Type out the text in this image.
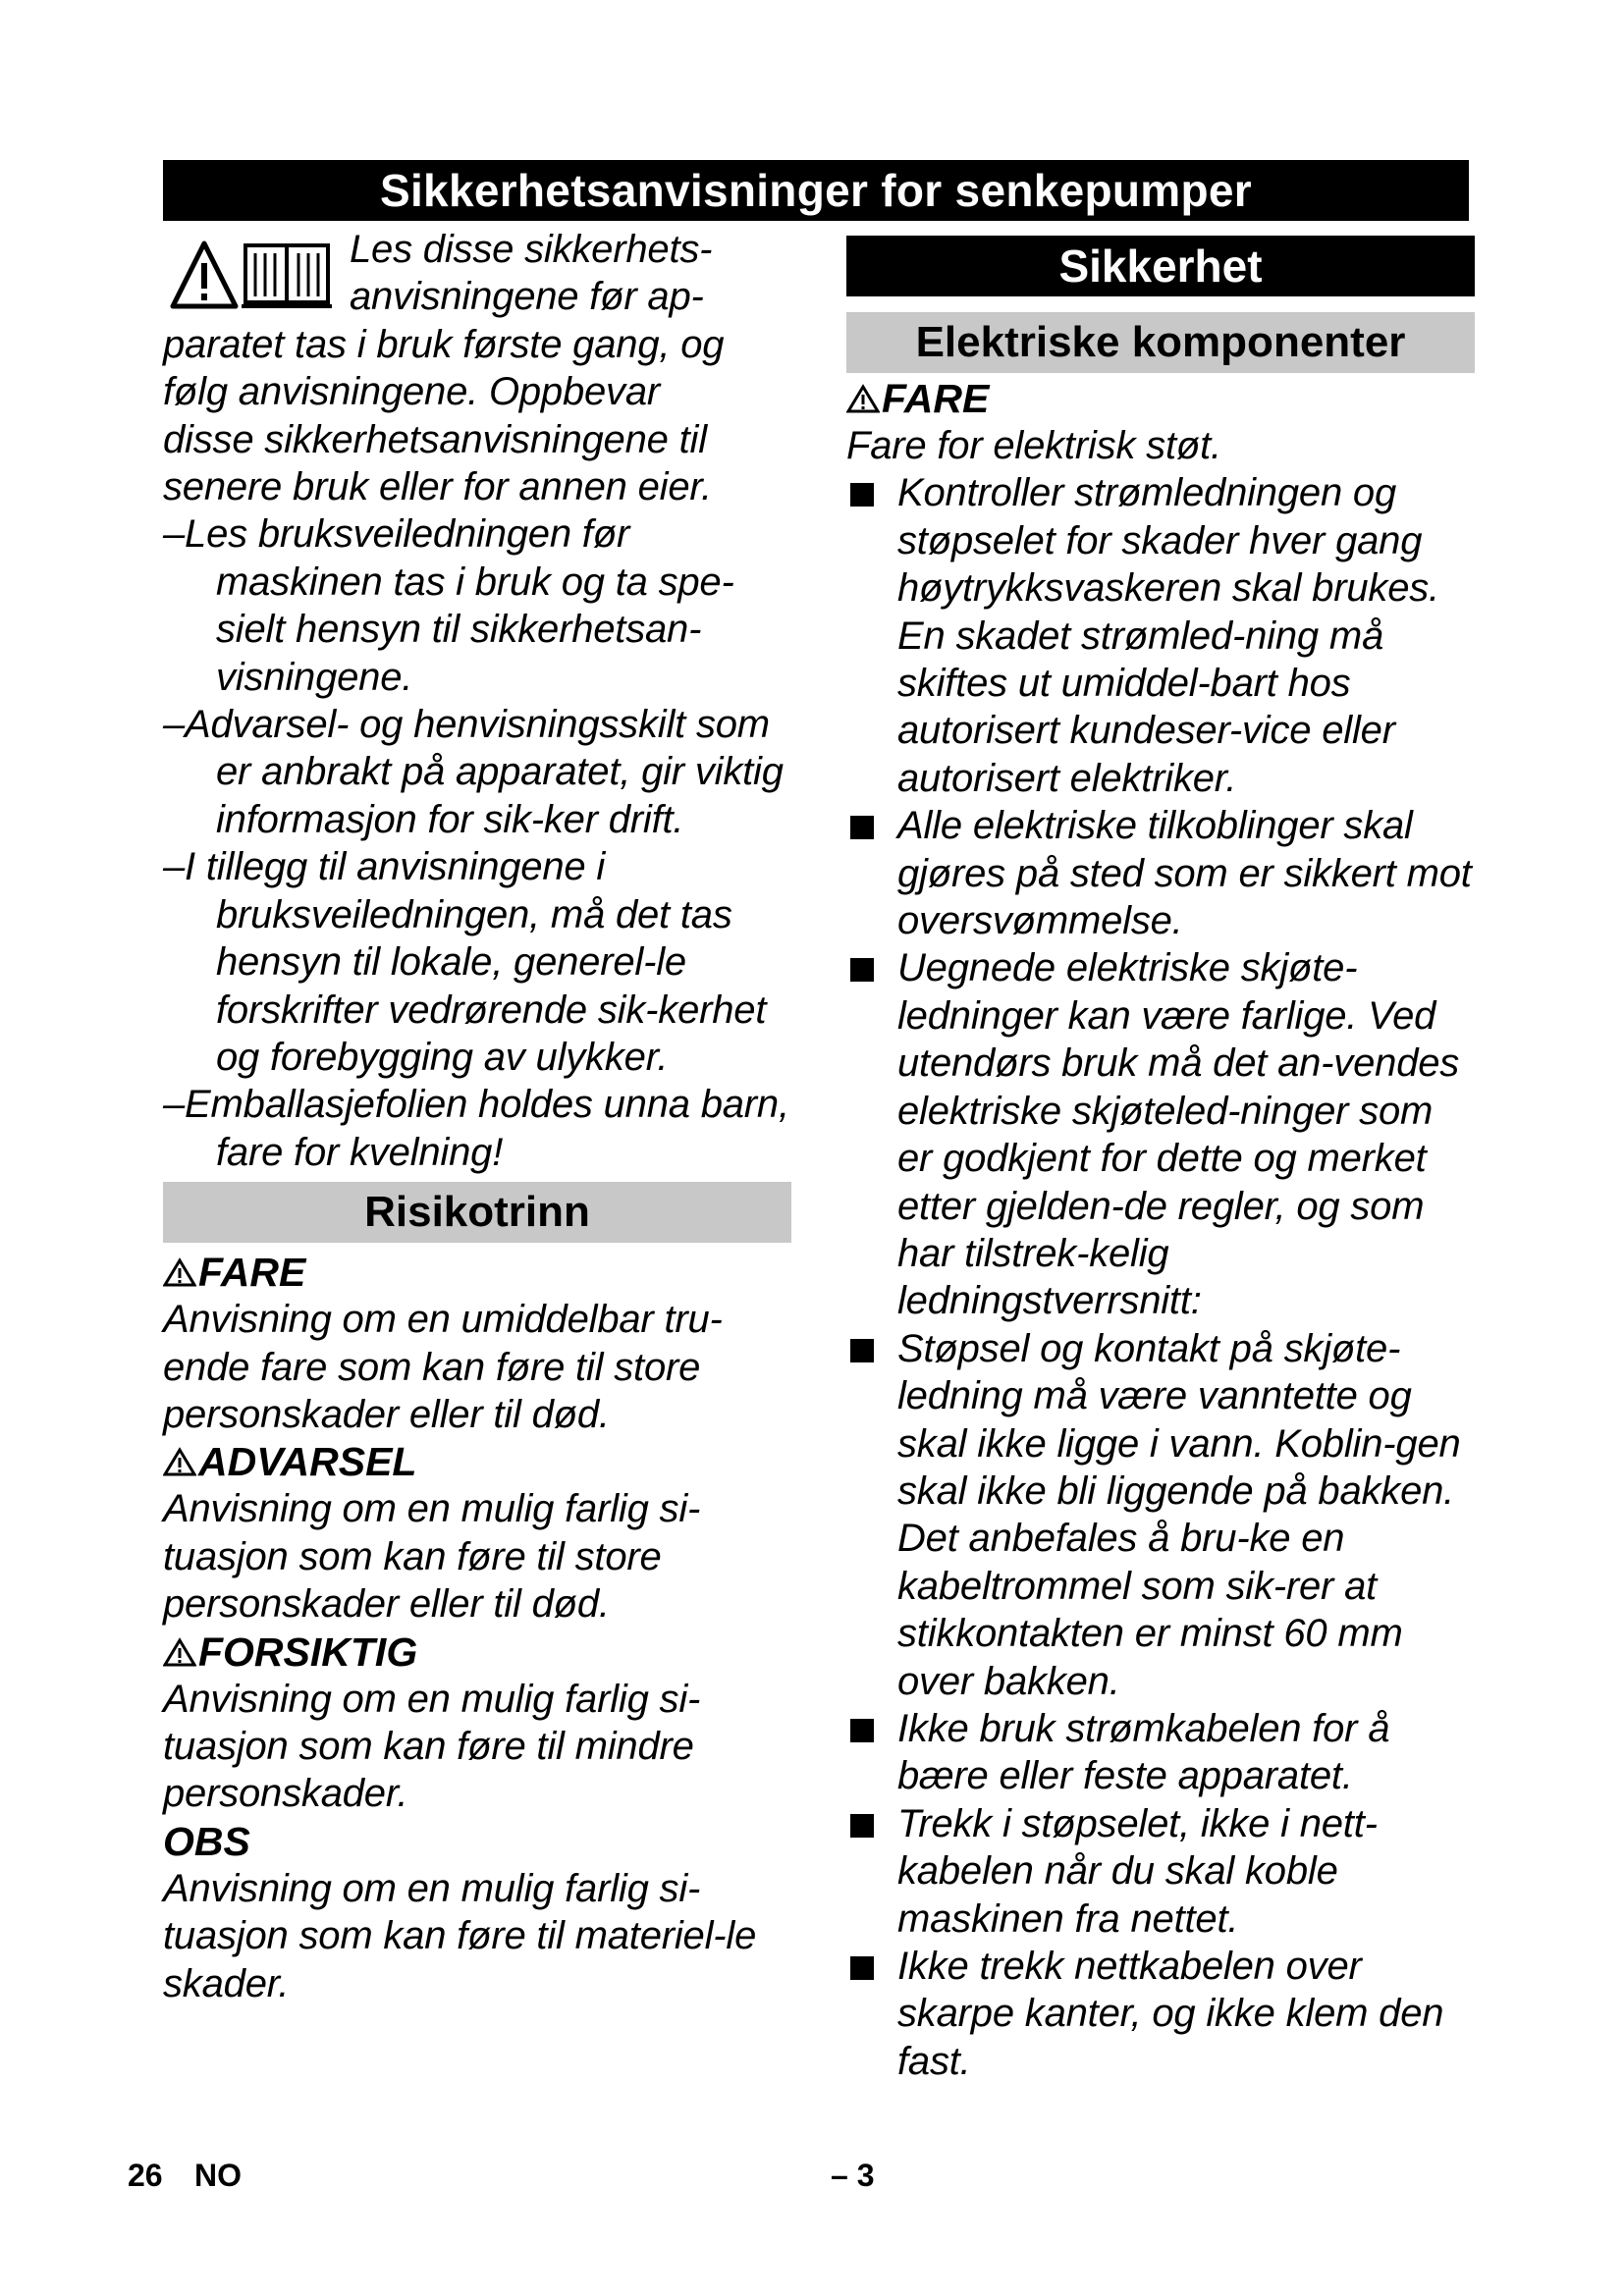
Sikkerhetsanvisninger for senkepumper
Les disse sikkerhets-
anvisningene før ap-
paratet tas i bruk første gang, og
følg anvisningene. Oppbevar
disse sikkerhetsanvisningene til
senere bruk eller for annen eier.
–Les bruksveiledningen før maskinen tas i bruk og ta spe-sielt hensyn til sikkerhetsan-visningene.
–Advarsel- og henvisningsskilt som er anbrakt på apparatet, gir viktig informasjon for sik-ker drift.
–I tillegg til anvisningene i bruksveiledningen, må det tas hensyn til lokale, generel-le forskrifter vedrørende sik-kerhet og forebygging av ulykker.
–Emballasjefolien holdes unna barn, fare for kvelning!
Risikotrinn
FARE
Anvisning om en umiddelbar tru-ende fare som kan føre til store personskader eller til død.
ADVARSEL
Anvisning om en mulig farlig si-tuasjon som kan føre til store personskader eller til død.
FORSIKTIG
Anvisning om en mulig farlig si-tuasjon som kan føre til mindre personskader.
OBS
Anvisning om en mulig farlig si-tuasjon som kan føre til materiel-le skader.
Sikkerhet
Elektriske komponenter
FARE
Fare for elektrisk støt.
Kontroller strømledningen og støpselet for skader hver gang høytrykksvaskeren skal brukes. En skadet strømled-ning må skiftes ut umiddel-bart hos autorisert kundeser-vice eller autorisert elektriker.
Alle elektriske tilkoblinger skal gjøres på sted som er sikkert mot oversvømmelse.
Uegnede elektriske skjøte-ledninger kan være farlige. Ved utendørs bruk må det an-vendes elektriske skjøteled-ninger som er godkjent for dette og merket etter gjelden-de regler, og som har tilstrek-kelig ledningstverrsnitt:
Støpsel og kontakt på skjøte-ledning må være vanntette og skal ikke ligge i vann. Koblin-gen skal ikke bli liggende på bakken. Det anbefales å bru-ke en kabeltrommel som sik-rer at stikkontakten er minst 60 mm over bakken.
Ikke bruk strømkabelen for å bære eller feste apparatet.
Trekk i støpselet, ikke i nett-kabelen når du skal koble maskinen fra nettet.
Ikke trekk nettkabelen over skarpe kanter, og ikke klem den fast.
26 NO	– 3
